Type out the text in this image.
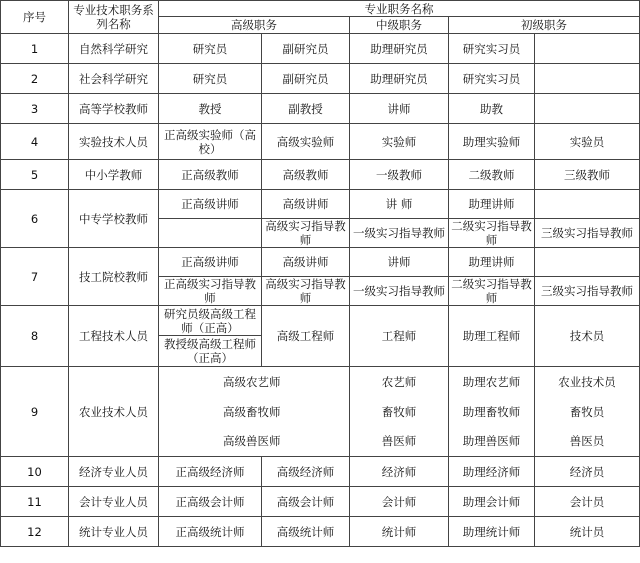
序号	专业技术职务系列名称	专业职务名称				
		高级职务		中级职务	初级职务	
1	自然科学研究	研究员	副研究员	助理研究员	研究实习员	
2	社会科学研究	研究员	副研究员	助理研究员	研究实习员	
3	高等学校教师	教授	副教授	讲师	助教	
4	实验技术人员	正高级实验师（高校）	高级实验师	实验师	助理实验师	实验员
5	中小学教师	正高级教师	高级教师	一级教师	二级教师	三级教师
6	中专学校教师	正高级讲师	高级讲师	讲 师	助理讲师	
			高级实习指导教师	一级实习指导教师	二级实习指导教师	三级实习指导教师
7	技工院校教师	正高级讲师	高级讲师	讲师	助理讲师	
		正高级实习指导教师	高级实习指导教师	一级实习指导教师	二级实习指导教师	三级实习指导教师
8	工程技术人员	研究员级高级工程师（正高）	高级工程师	工程师	助理工程师	技术员
		教授级高级工程师（正高）				
9	农业技术人员	高级农艺师		农艺师	助理农艺师	农业技术员
		高级畜牧师		畜牧师	助理畜牧师	畜牧员
		高级兽医师		兽医师	助理兽医师	兽医员
10	经济专业人员	正高级经济师	高级经济师	经济师	助理经济师	经济员
11	会计专业人员	正高级会计师	高级会计师	会计师	助理会计师	会计员
12	统计专业人员	正高级统计师	高级统计师	统计师	助理统计师	统计员
